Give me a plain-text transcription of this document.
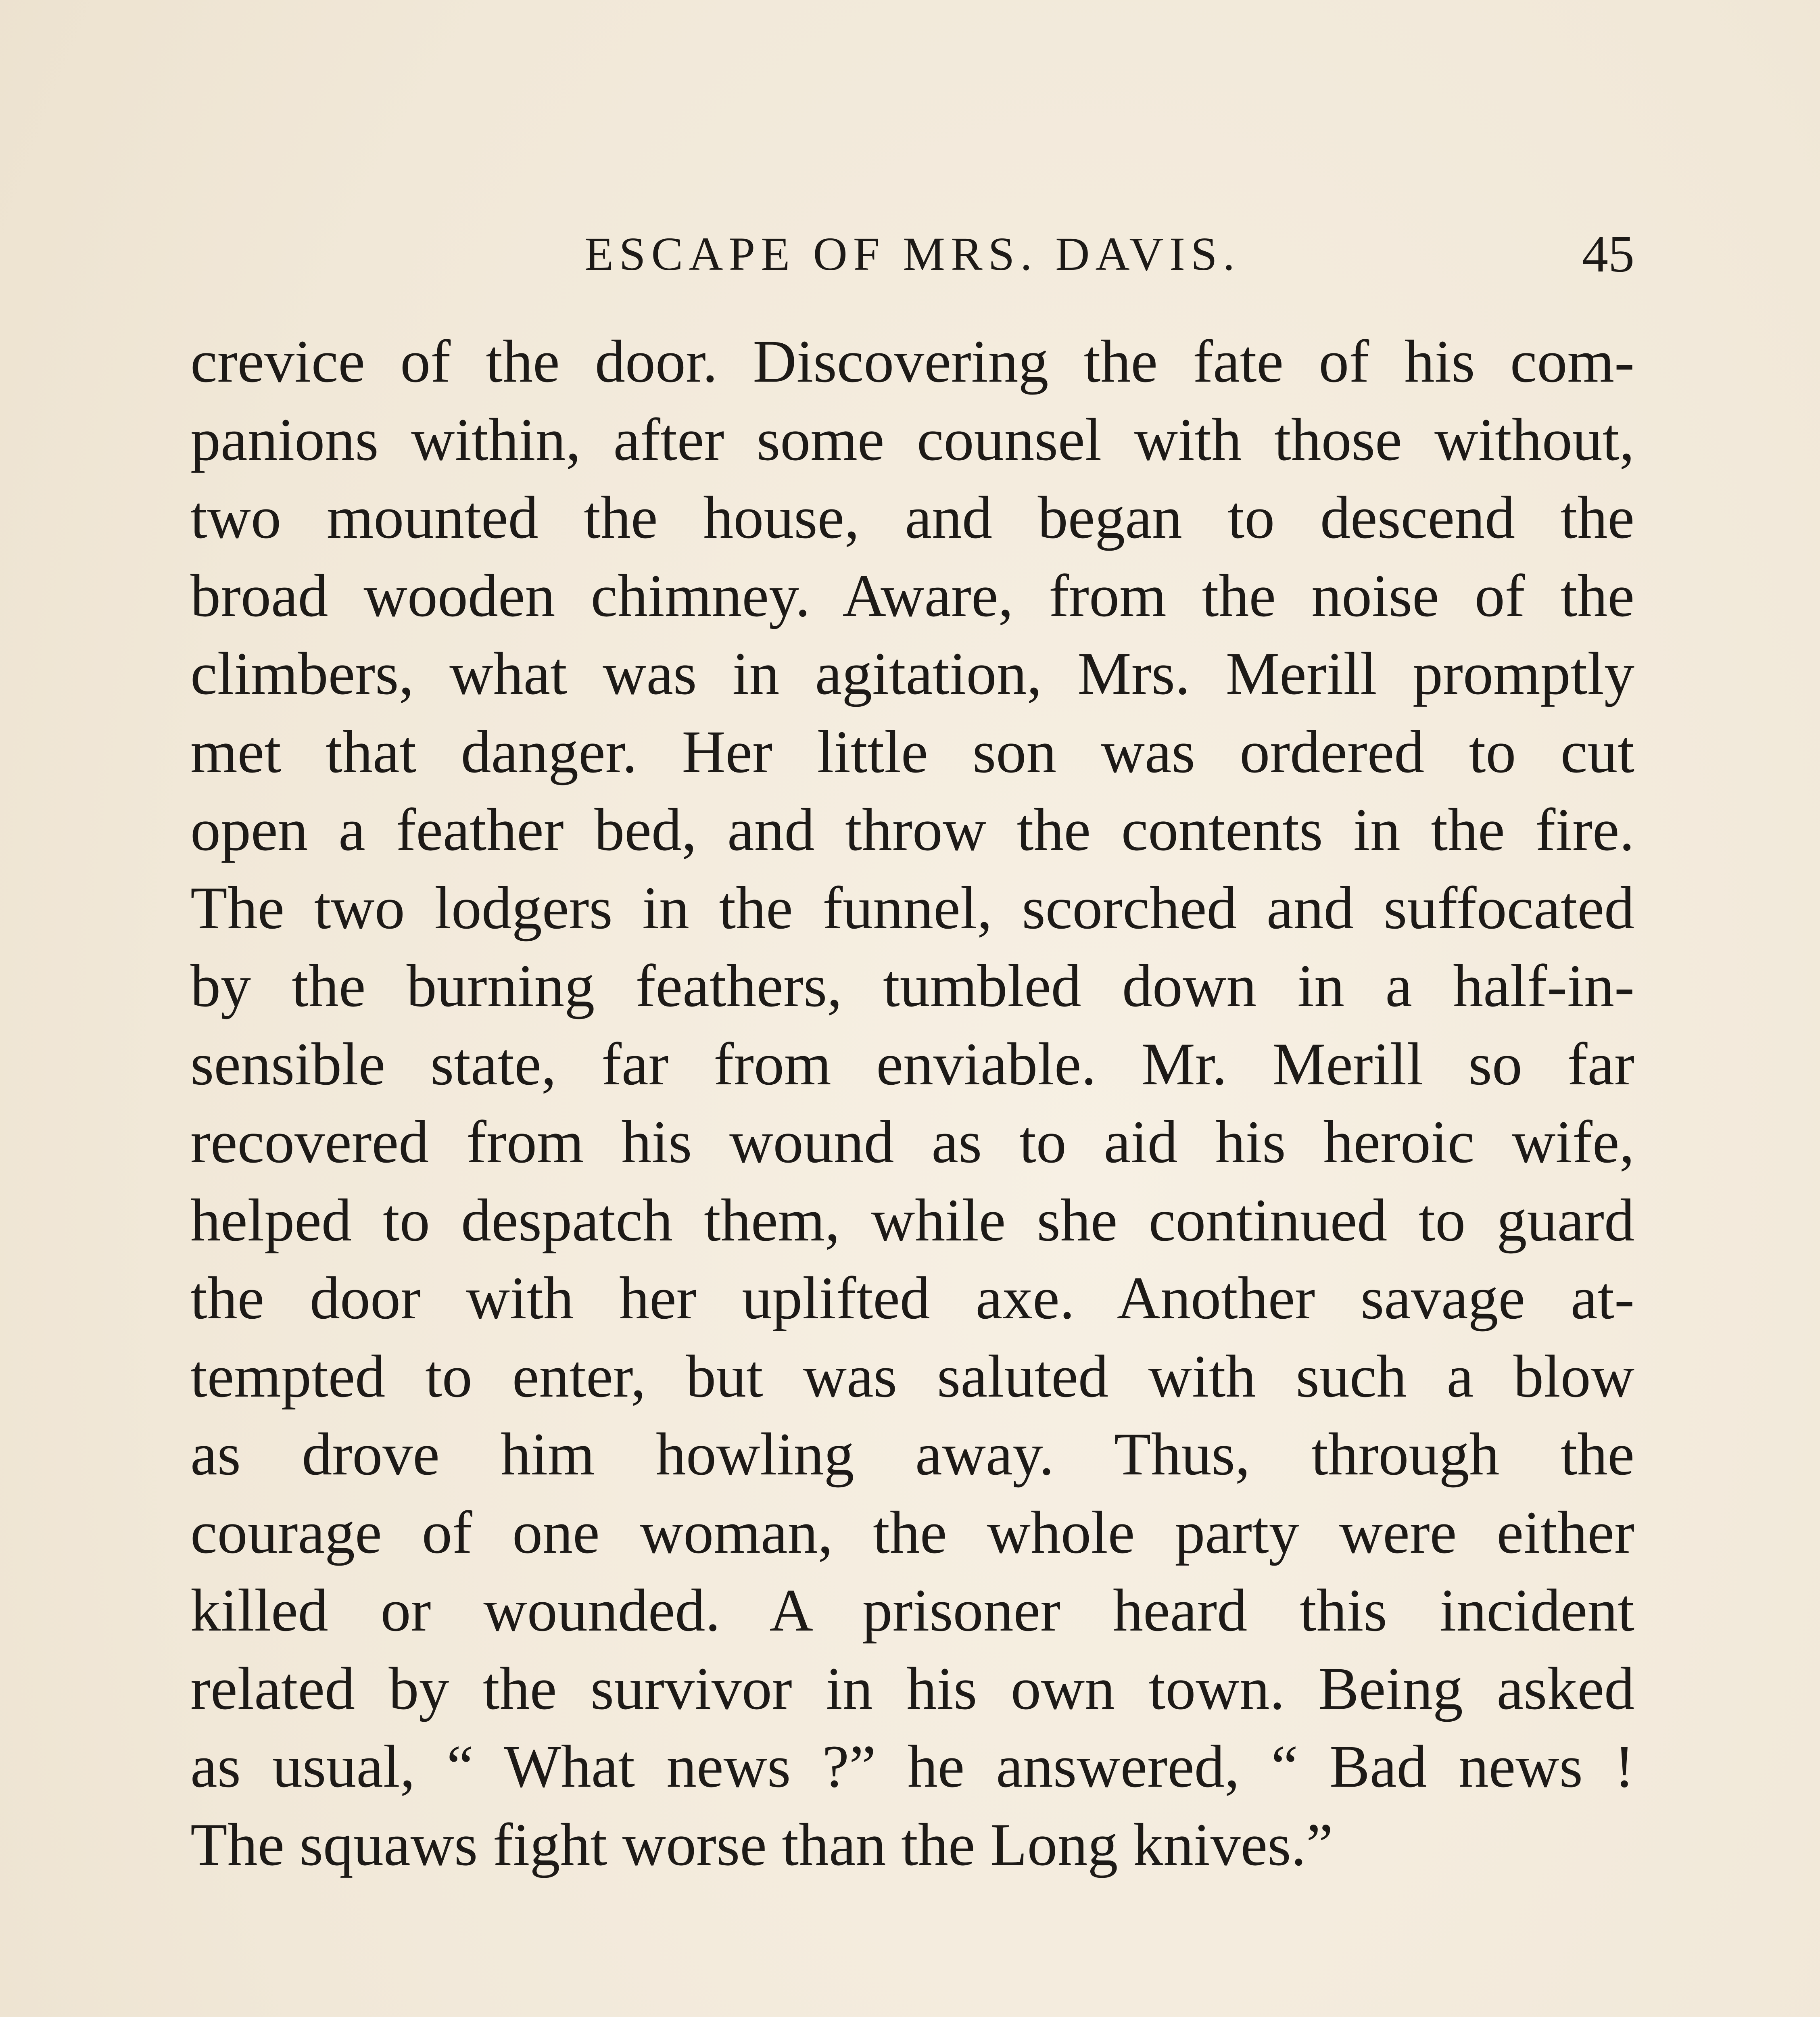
ESCAPE OF MRS. DAVIS.	45
crevice of the door. Discovering the fate of his com-
panions within, after some counsel with those without,
two mounted the house, and began to descend the
broad wooden chimney. Aware, from the noise of the
climbers, what was in agitation, Mrs. Merill promptly
met that danger. Her little son was ordered to cut
open a feather bed, and throw the contents in the fire.
The two lodgers in the funnel, scorched and suffocated
by the burning feathers, tumbled down in a half-in-
sensible state, far from enviable. Mr. Merill so far
recovered from his wound as to aid his heroic wife,
helped to despatch them, while she continued to guard
the door with her uplifted axe. Another savage at-
tempted to enter, but was saluted with such a blow
as drove him howling away. Thus, through the
courage of one woman, the whole party were either
killed or wounded. A prisoner heard this incident
related by the survivor in his own town. Being asked
as usual, “ What news ?” he answered, “ Bad news !
The squaws fight worse than the Long knives.”
